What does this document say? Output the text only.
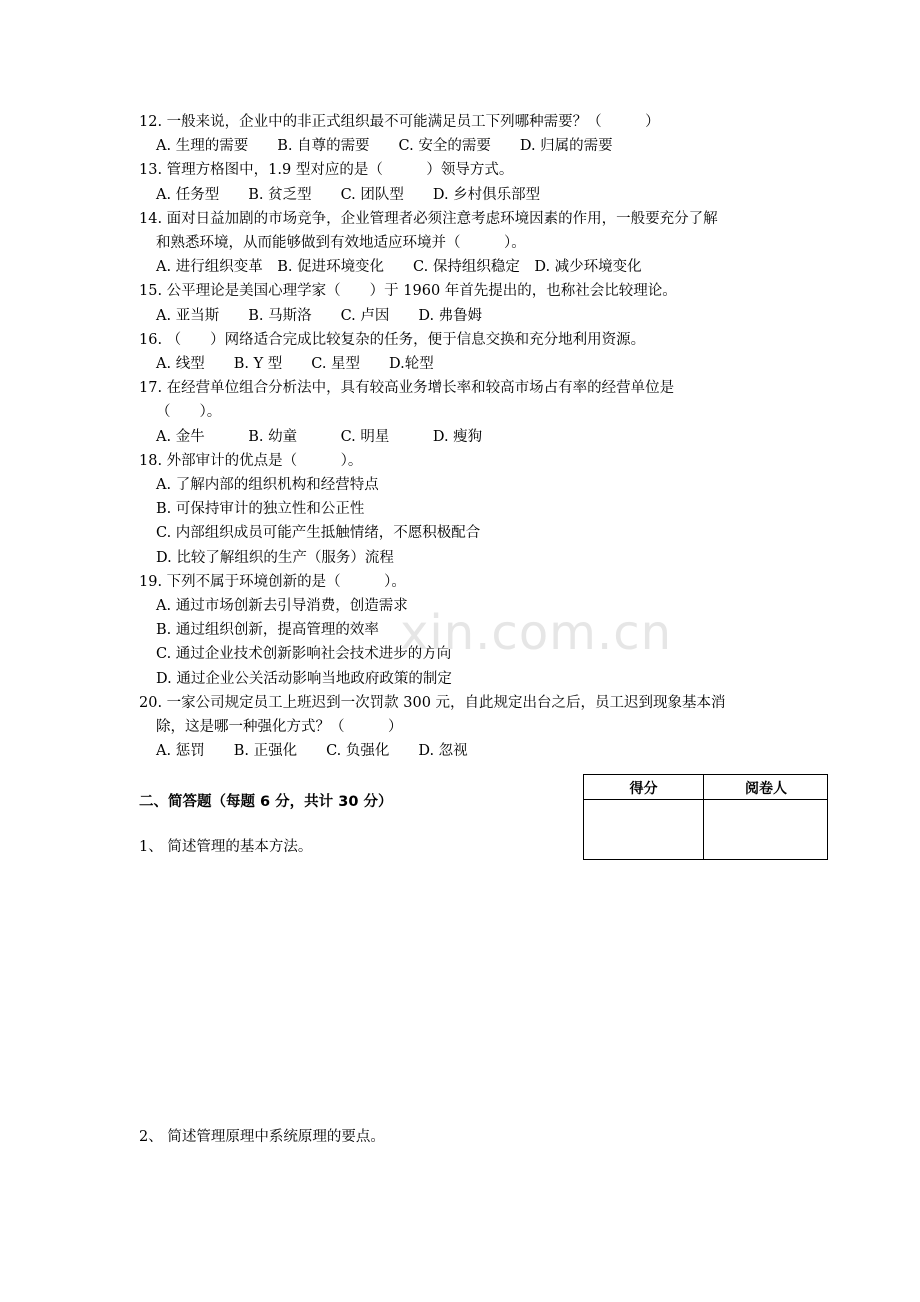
12. 一般来说，企业中的非正式组织最不可能满足员工下列哪种需要？（　　　）
A. 生理的需要　　B. 自尊的需要　　C. 安全的需要　　D. 归属的需要
13. 管理方格图中，1.9 型对应的是（　　　）领导方式。
A. 任务型　　B. 贫乏型　　C. 团队型　　D. 乡村俱乐部型
14. 面对日益加剧的市场竞争，企业管理者必须注意考虑环境因素的作用，一般要充分了解
和熟悉环境，从而能够做到有效地适应环境并（　　　）。
A. 进行组织变革　B. 促进环境变化　　C. 保持组织稳定　D. 减少环境变化
15. 公平理论是美国心理学家（　　）于 1960 年首先提出的，也称社会比较理论。
A. 亚当斯　　B. 马斯洛　　C. 卢因　　D. 弗鲁姆
16. （　　）网络适合完成比较复杂的任务，便于信息交换和充分地利用资源。
A. 线型　　B. Y 型　　C. 星型　　D.轮型
17. 在经营单位组合分析法中，具有较高业务增长率和较高市场占有率的经营单位是
（　　）。
A. 金牛　　　B. 幼童　　　C. 明星　　　D. 瘦狗
18. 外部审计的优点是（　　　）。
A. 了解内部的组织机构和经营特点
B. 可保持审计的独立性和公正性
C. 内部组织成员可能产生抵触情绪，不愿积极配合
D. 比较了解组织的生产（服务）流程
19. 下列不属于环境创新的是（　　　）。
A. 通过市场创新去引导消费，创造需求
B. 通过组织创新，提高管理的效率
C. 通过企业技术创新影响社会技术进步的方向
D. 通过企业公关活动影响当地政府政策的制定
20. 一家公司规定员工上班迟到一次罚款 300 元，自此规定出台之后，员工迟到现象基本消
除，这是哪一种强化方式？（　　　）
A. 惩罚　　B. 正强化　　C. 负强化　　D. 忽视
xin.com.cn
二、简答题（每题 6 分，共计 30 分）
得分	阅卷人
1、 简述管理的基本方法。
2、 简述管理原理中系统原理的要点。
